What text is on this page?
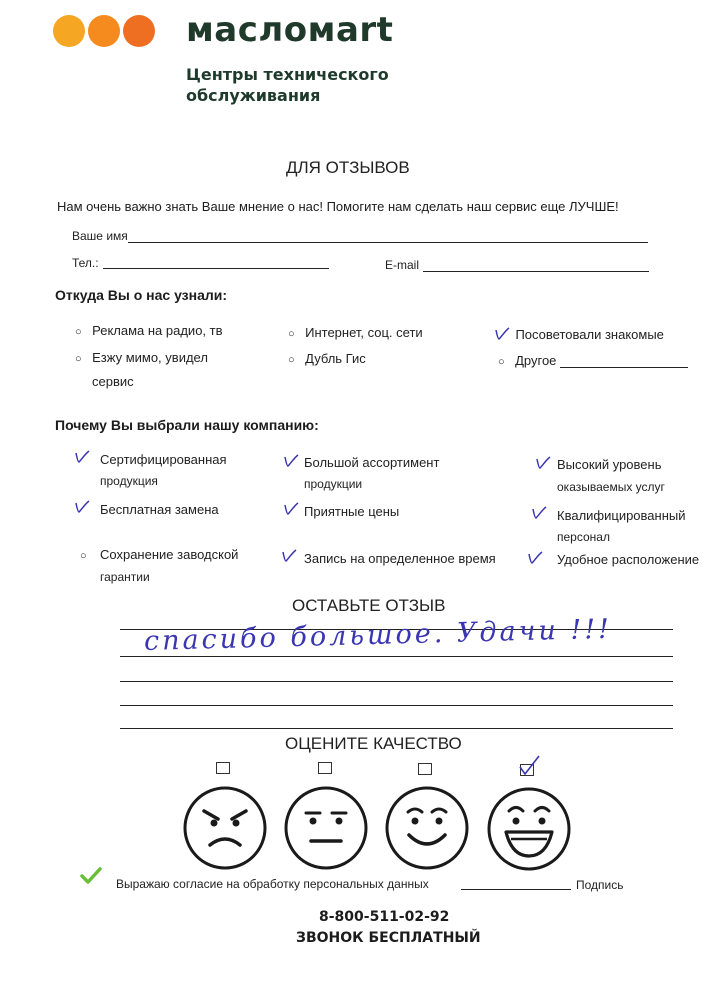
масломаrt
Центры технического
обслуживания
ДЛЯ ОТЗЫВОВ
Нам очень важно знать Ваше мнение о нас! Помогите нам сделать наш сервис еще ЛУЧШЕ!
Ваше имя
Тел.:	E-mail
Откуда Вы о нас узнали:
○ Реклама на радио, тв	○ Интернет, соц. сети	Посоветовали знакомые
○ Езжу мимо, увидел
сервис
○ Дубль Гис	○ Другое
Почему Вы выбрали нашу компанию:
Сертифицированная
продукция
Большой ассортимент
продукции
Высокий уровень
оказываемых услуг
Бесплатная замена	Приятные цены	Квалифицированный
персонал
○ Сохранение заводской
гарантии
Запись на определенное время	Удобное расположение
ОСТАВЬТЕ ОТЗЫВ
спасибо большое. Удачи !!!
ОЦЕНИТЕ КАЧЕСТВО
Выражаю согласие на обработку персональных данных	Подпись
8-800-511-02-92
ЗВОНОК БЕСПЛАТНЫЙ
